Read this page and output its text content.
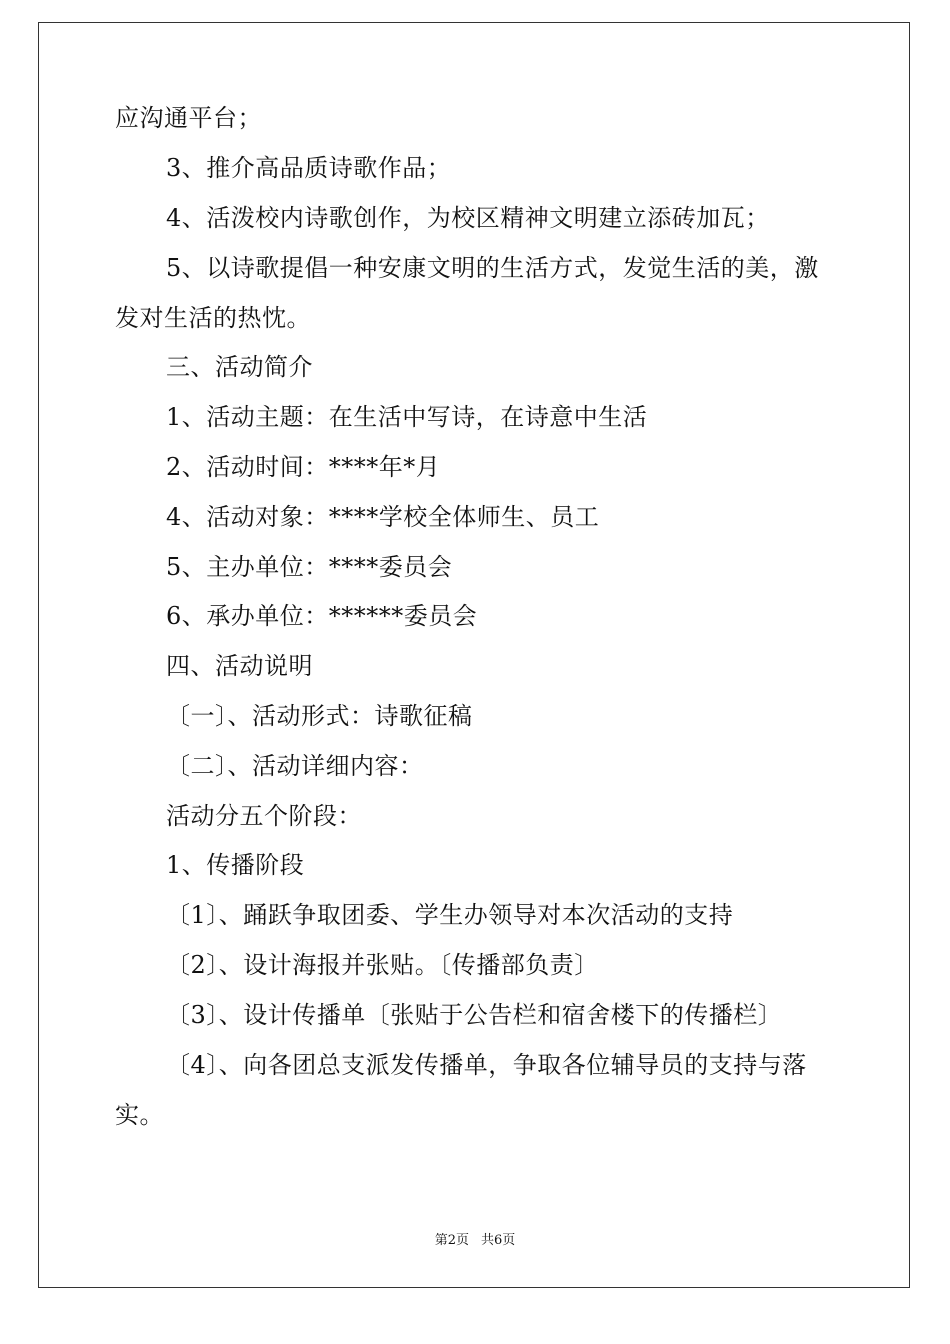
应沟通平台；
3、推介高品质诗歌作品；
4、活泼校内诗歌创作，为校区精神文明建立添砖加瓦；
5、以诗歌提倡一种安康文明的生活方式，发觉生活的美，激
发对生活的热忱。
三、活动简介
1、活动主题：在生活中写诗，在诗意中生活
2、活动时间：****年*月
4、活动对象：****学校全体师生、员工
5、主办单位：****委员会
6、承办单位：******委员会
四、活动说明
〔一〕、活动形式：诗歌征稿
〔二〕、活动详细内容：
活动分五个阶段：
1、传播阶段
〔1〕、踊跃争取团委、学生办领导对本次活动的支持
〔2〕、设计海报并张贴。〔传播部负责〕
〔3〕、设计传播单〔张贴于公告栏和宿舍楼下的传播栏〕
〔4〕、向各团总支派发传播单，争取各位辅导员的支持与落
实。
第2页 共6页
